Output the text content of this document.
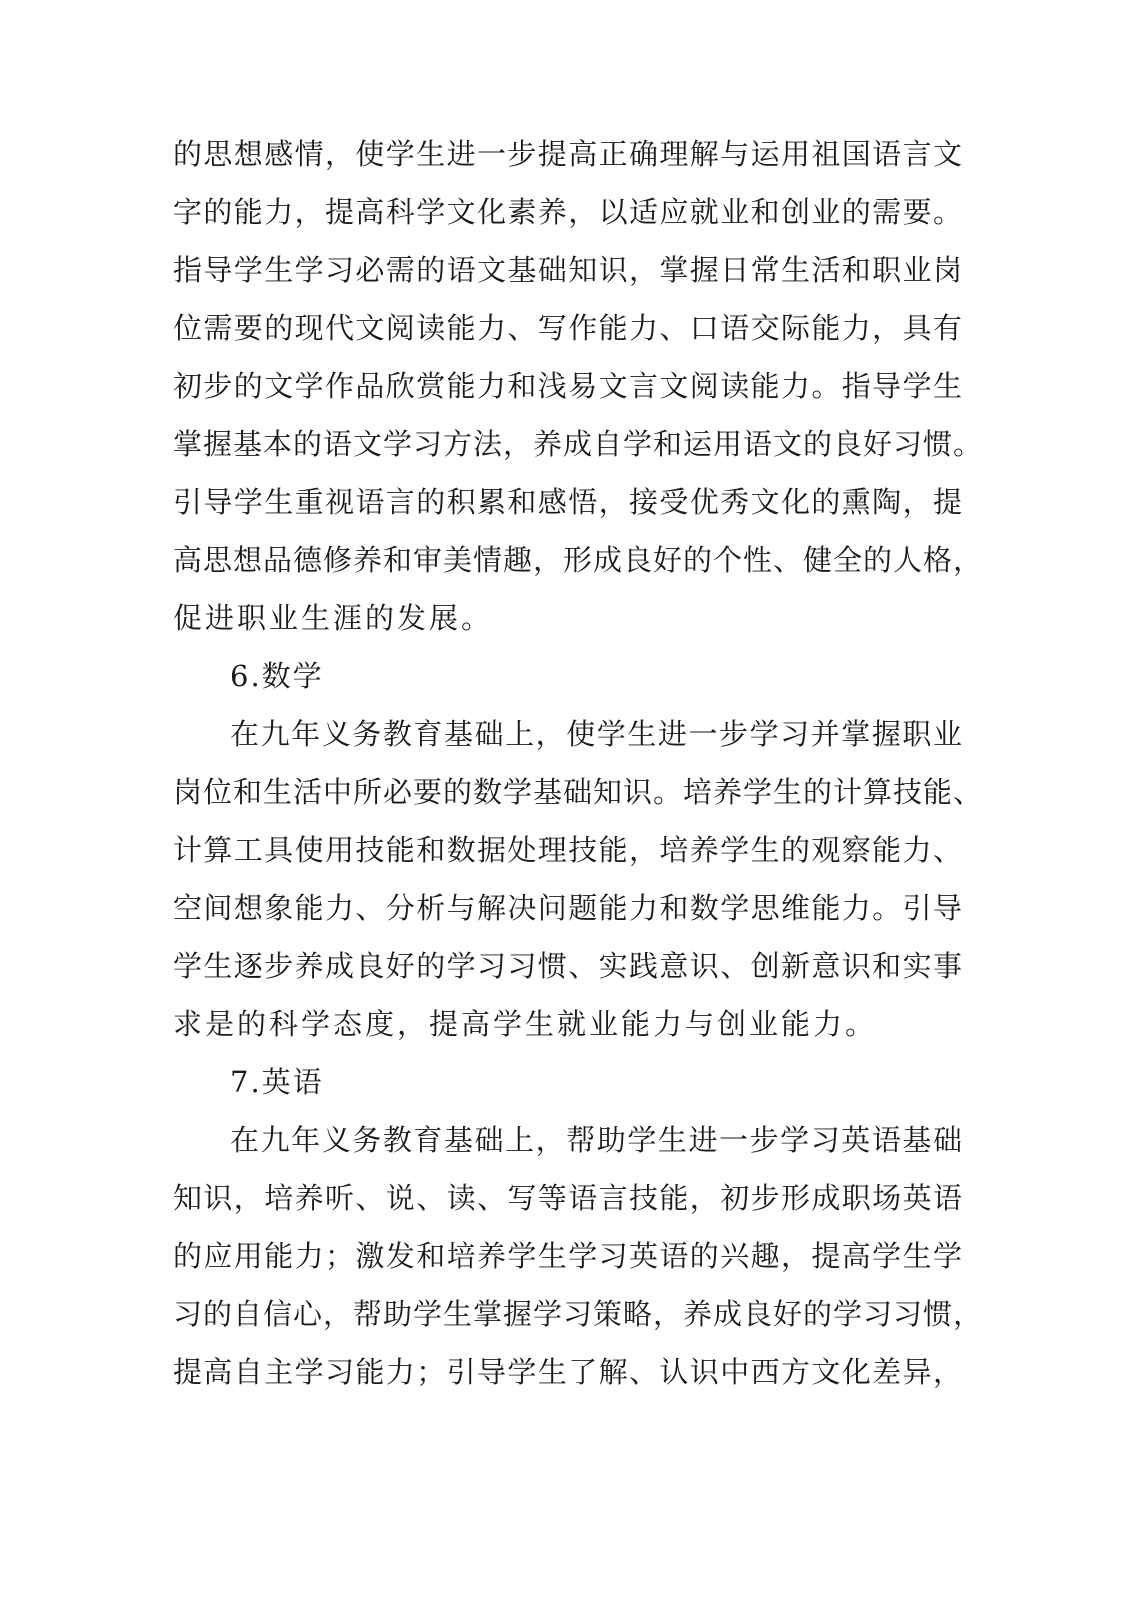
的思想感情，使学生进一步提高正确理解与运用祖国语言文
字的能力，提高科学文化素养，以适应就业和创业的需要。
指导学生学习必需的语文基础知识，掌握日常生活和职业岗
位需要的现代文阅读能力、写作能力、口语交际能力，具有
初步的文学作品欣赏能力和浅易文言文阅读能力。指导学生
掌握基本的语文学习方法，养成自学和运用语文的良好习惯。
引导学生重视语言的积累和感悟，接受优秀文化的熏陶，提
高思想品德修养和审美情趣，形成良好的个性、健全的人格，
促进职业生涯的发展。
6.数学
在九年义务教育基础上，使学生进一步学习并掌握职业
岗位和生活中所必要的数学基础知识。培养学生的计算技能、
计算工具使用技能和数据处理技能，培养学生的观察能力、
空间想象能力、分析与解决问题能力和数学思维能力。引导
学生逐步养成良好的学习习惯、实践意识、创新意识和实事
求是的科学态度，提高学生就业能力与创业能力。
7.英语
在九年义务教育基础上，帮助学生进一步学习英语基础
知识，培养听、说、读、写等语言技能，初步形成职场英语
的应用能力；激发和培养学生学习英语的兴趣，提高学生学
习的自信心，帮助学生掌握学习策略，养成良好的学习习惯，
提高自主学习能力；引导学生了解、认识中西方文化差异，
